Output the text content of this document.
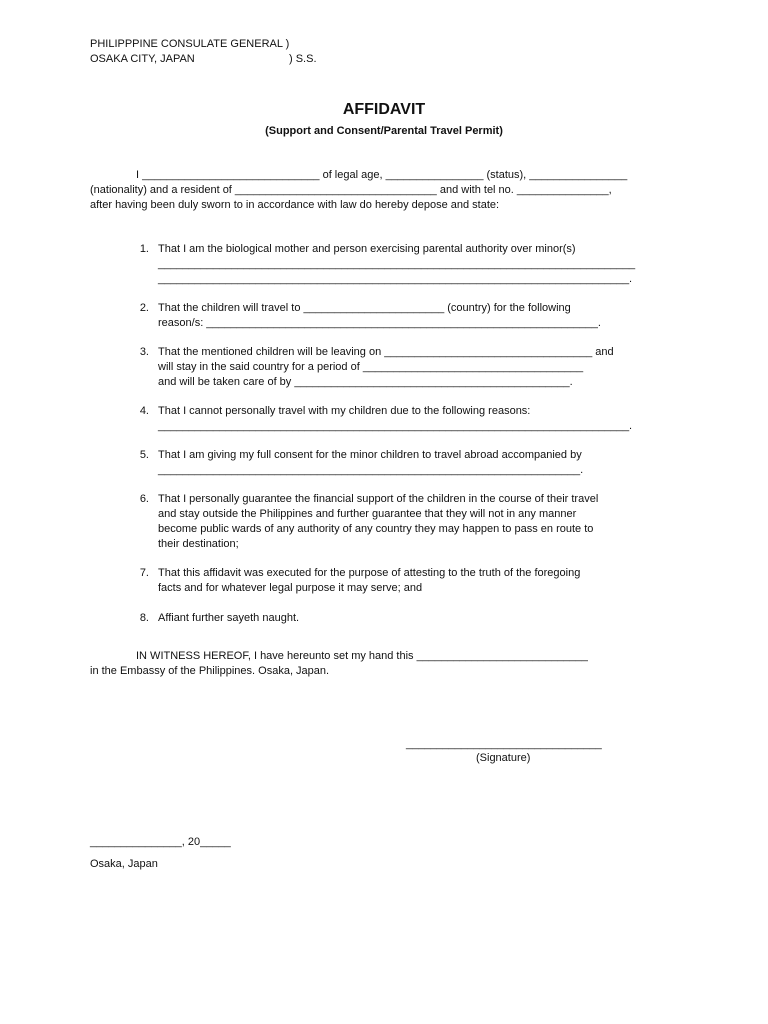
PHILIPPPINE CONSULATE GENERAL )
OSAKA CITY, JAPAN	) S.S.
AFFIDAVIT
(Support and Consent/Parental Travel Permit)
I _____________________________ of legal age, ________________ (status), ________________
(nationality) and a resident of _________________________________ and with tel no. _______________,
after having been duly sworn to in accordance with law do hereby depose and state:
1. That I am the biological mother and person exercising parental authority over minor(s)
______________________________________________________________________________
_____________________________________________________________________________.
2. That the children will travel to _______________________ (country) for the following
reason/s: ________________________________________________________________.
3. That the mentioned children will be leaving on __________________________________ and
will stay in the said country for a period of ____________________________________
and will be taken care of by _____________________________________________.
4. That I cannot personally travel with my children due to the following reasons:
_____________________________________________________________________________.
5. That I am giving my full consent for the minor children to travel abroad accompanied by
_____________________________________________________________________.
6. That I personally guarantee the financial support of the children in the course of their travel
and stay outside the Philippines and further guarantee that they will not in any manner
become public wards of any authority of any country they may happen to pass en route to
their destination;
7. That this affidavit was executed for the purpose of attesting to the truth of the foregoing
facts and for whatever legal purpose it may serve; and
8. Affiant further sayeth naught.
IN WITNESS HEREOF, I have hereunto set my hand this ____________________________
in the Embassy of the Philippines. Osaka, Japan.
________________________________
(Signature)
_______________, 20_____
Osaka, Japan
